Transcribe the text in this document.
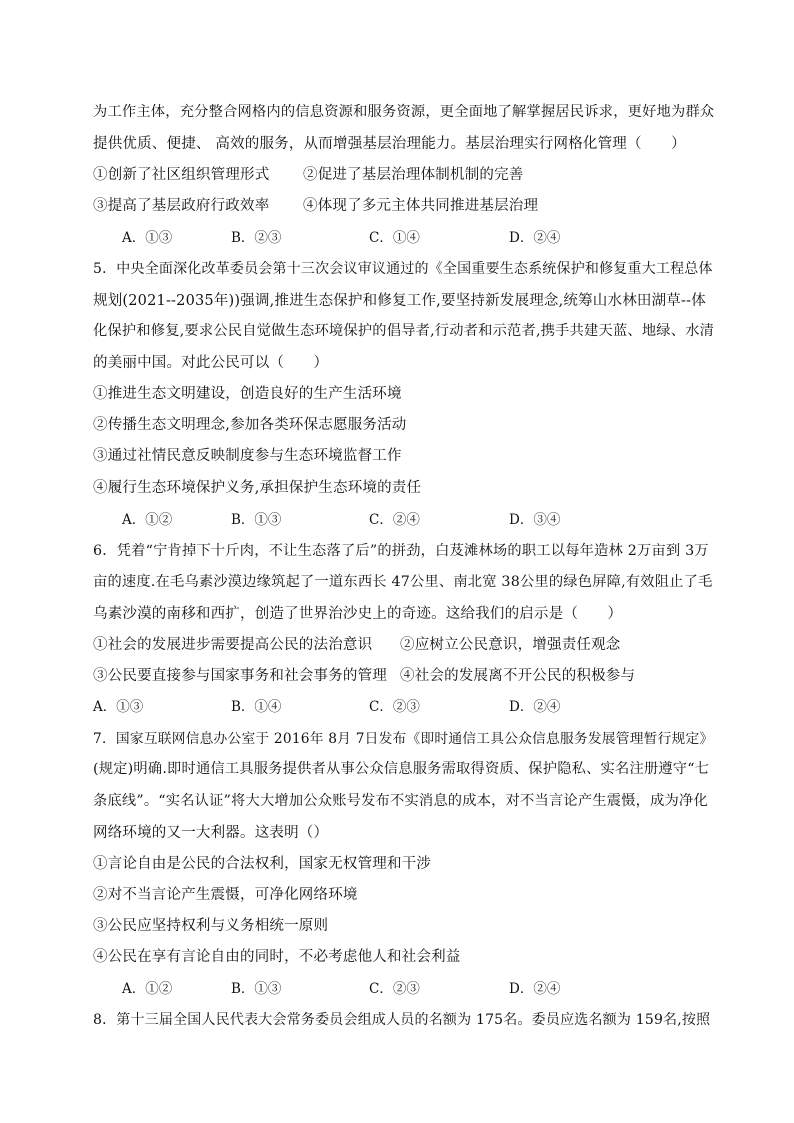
为工作主体，充分整合网格内的信息资源和服务资源，更全面地了解掌握居民诉求，更好地为群众
提供优质、便捷、 高效的服务，从而增强基层治理能力。基层治理实行网格化管理（　　）
①创新了社区组织管理形式 ②促进了基层治理体制机制的完善
③提高了基层政府行政效率 ④体现了多元主体共同推进基层治理
A．①③	B．②③	C．①④	D．②④
5．中央全面深化改革委员会第十三次会议审议通过的《全国重要生态系统保护和修复重大工程总体
规划(2021--2035年))强调,推进生态保护和修复工作,要坚持新发展理念,统筹山水林田湖草--体
化保护和修复,要求公民自觉做生态环境保护的倡导者,行动者和示范者,携手共建天蓝、地绿、水清
的美丽中国。对此公民可以（　　）
①推进生态文明建设，创造良好的生产生活环境
②传播生态文明理念,参加各类环保志愿服务活动
③通过社情民意反映制度参与生态环境监督工作
④履行生态环境保护义务,承担保护生态环境的责任
A．①②	B．①③	C．②④	D．③④
6．凭着“宁肯掉下十斤肉，不让生态落了后”的拼劲，白芨滩林场的职工以每年造林 2万亩到 3万
亩的速度.在毛乌素沙漠边缘筑起了一道东西长 47公里、南北宽 38公里的绿色屏障,有效阻止了毛
乌素沙漠的南移和西扩，创造了世界治沙史上的奇迹。这给我们的启示是（　　）
①社会的发展进步需要提高公民的法治意识 ②应树立公民意识，增强责任观念
③公民要直接参与国家事务和社会事务的管理 ④社会的发展离不开公民的积极参与
A．①③	B．①④	C．②③	D．②④
7．国家互联网信息办公室于 2016年 8月 7日发布《即时通信工具公众信息服务发展管理暂行规定》
(规定)明确.即时通信工具服务提供者从事公众信息服务需取得资质、保护隐私、实名注册遵守“七
条底线”。“实名认证”将大大增加公众账号发布不实消息的成本，对不当言论产生震慑，成为净化
网络环境的又一大利器。这表明（）
①言论自由是公民的合法权利，国家无权管理和干涉
②对不当言论产生震慑，可净化网络环境
③公民应坚持权利与义务相统一原则
④公民在享有言论自由的同时，不必考虑他人和社会利益
A．①②	B．①③	C．②③	D．②④
8．第十三届全国人民代表大会常务委员会组成人员的名额为 175名。委员应选名额为 159名,按照
